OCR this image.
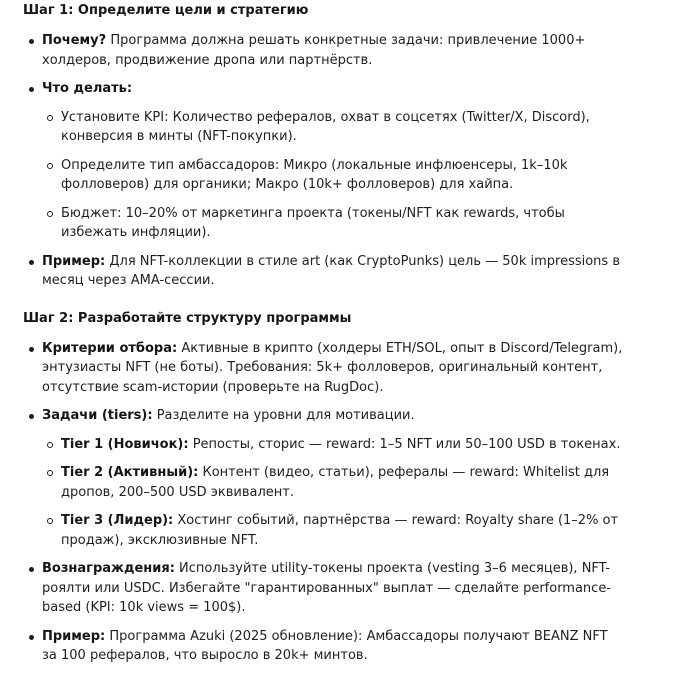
Шаг 1: Определите цели и стратегию
Почему? Программа должна решать конкретные задачи: привлечение 1000+ холдеров, продвижение дропа или партнёрств.
Что делать:
Установите KPI: Количество рефералов, охват в соцсетях (Twitter/X, Discord), конверсия в минты (NFT-покупки).
Определите тип амбассадоров: Микро (локальные инфлюенсеры, 1k–10k фолловеров) для органики; Макро (10k+ фолловеров) для хайпа.
Бюджет: 10–20% от маркетинга проекта (токены/NFT как rewards, чтобы избежать инфляции).
Пример: Для NFT-коллекции в стиле art (как CryptoPunks) цель — 50k impressions в месяц через AMA-сессии.
Шаг 2: Разработайте структуру программы
Критерии отбора: Активные в крипто (холдеры ETH/SOL, опыт в Discord/Telegram), энтузиасты NFT (не боты). Требования: 5k+ фолловеров, оригинальный контент, отсутствие scam-истории (проверьте на RugDoc).
Задачи (tiers): Разделите на уровни для мотивации.
Tier 1 (Новичок): Репосты, сторис — reward: 1–5 NFT или 50–100 USD в токенах.
Tier 2 (Активный): Контент (видео, статьи), рефералы — reward: Whitelist для дропов, 200–500 USD эквивалент.
Tier 3 (Лидер): Хостинг событий, партнёрства — reward: Royalty share (1–2% от продаж), эксклюзивные NFT.
Вознаграждения: Используйте utility-токены проекта (vesting 3–6 месяцев), NFT-роялти или USDC. Избегайте "гарантированных" выплат — сделайте performance-based (KPI: 10k views = 100$).
Пример: Программа Azuki (2025 обновление): Амбассадоры получают BEANZ NFT за 100 рефералов, что выросло в 20k+ минтов.
